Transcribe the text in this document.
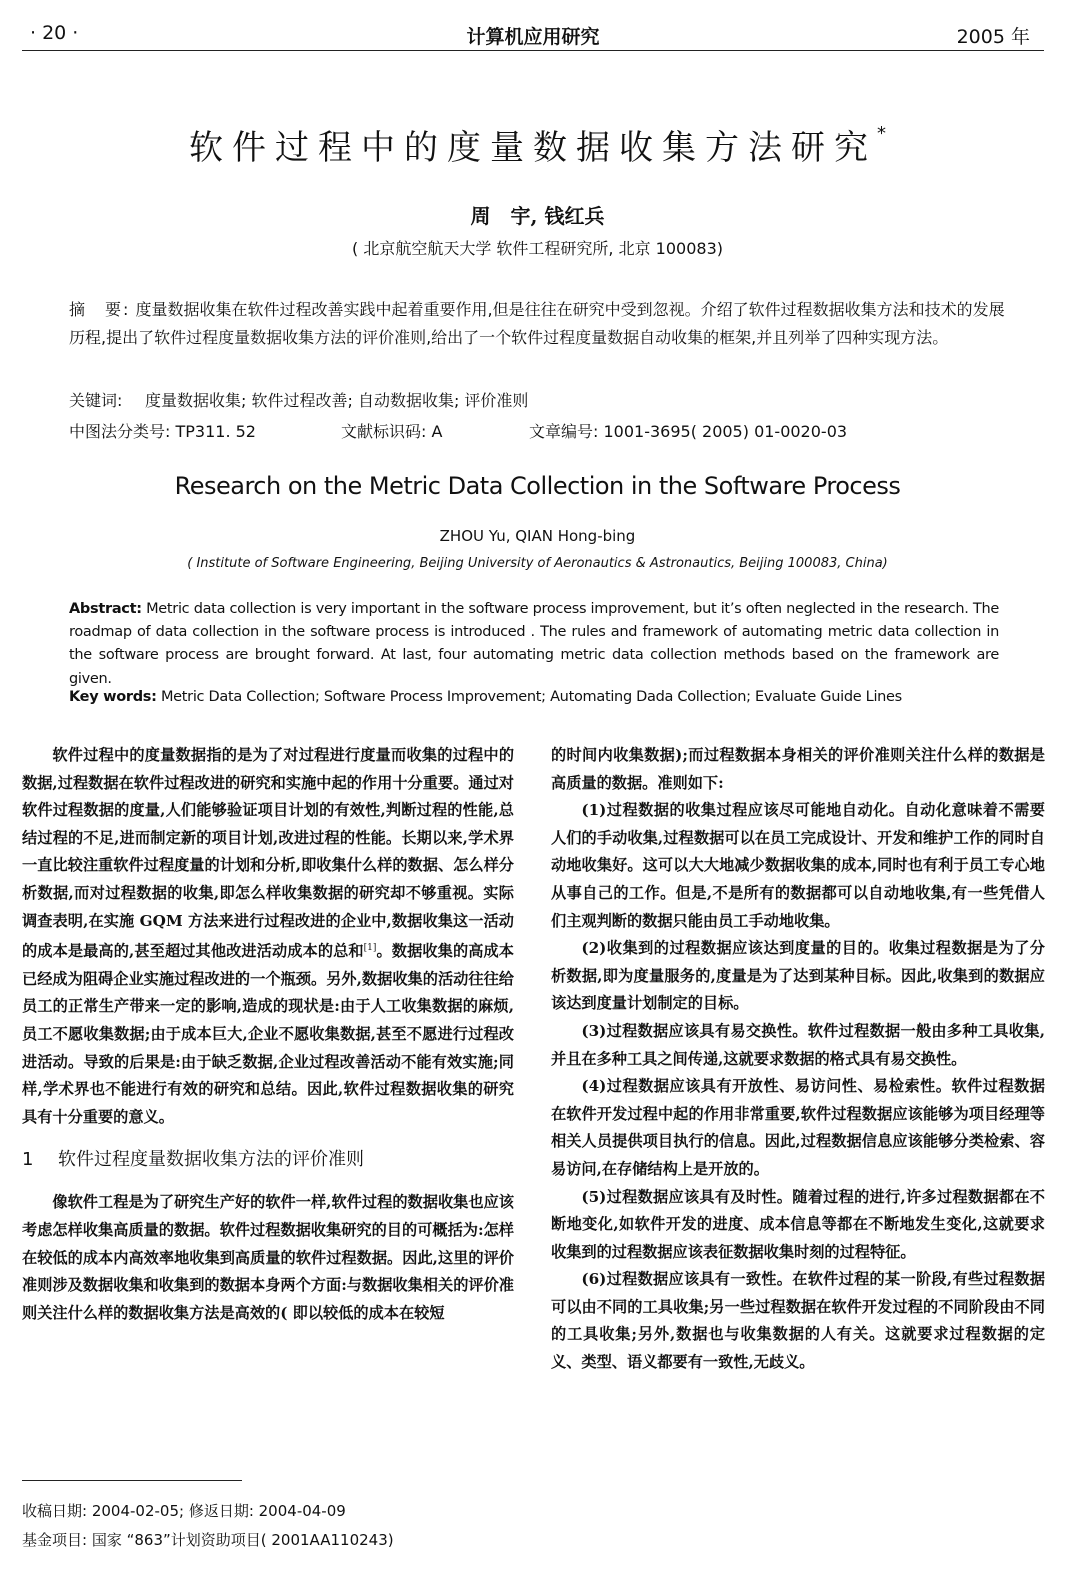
· 20 ·	计算机应用研究	2005 年
软件过程中的度量数据收集方法研究*
周　宇, 钱红兵
( 北京航空航天大学 软件工程研究所, 北京 100083)
摘　要: 度量数据收集在软件过程改善实践中起着重要作用,但是往往在研究中受到忽视。介绍了软件过程数据收集方法和技术的发展历程,提出了软件过程度量数据收集方法的评价准则,给出了一个软件过程度量数据自动收集的框架,并且列举了四种实现方法。
关键词: 度量数据收集; 软件过程改善; 自动数据收集; 评价准则
中图法分类号: TP311. 52	文献标识码: A	文章编号: 1001-3695( 2005) 01-0020-03
Research on the Metric Data Collection in the Software Process
ZHOU Yu, QIAN Hong-bing
( Institute of Software Engineering, Beijing University of Aeronautics & Astronautics, Beijing 100083, China)
Abstract: Metric data collection is very important in the software process improvement, but it’s often neglected in the research. The roadmap of data collection in the software process is introduced . The rules and framework of automating metric data collection in the software process are brought forward. At last, four automating metric data collection methods based on the framework are given.
Key words: Metric Data Collection; Software Process Improvement; Automating Dada Collection; Evaluate Guide Lines

软件过程中的度量数据指的是为了对过程进行度量而收集的过程中的数据,过程数据在软件过程改进的研究和实施中起的作用十分重要。通过对软件过程数据的度量,人们能够验证项目计划的有效性,判断过程的性能,总结过程的不足,进而制定新的项目计划,改进过程的性能。长期以来,学术界一直比较注重软件过程度量的计划和分析,即收集什么样的数据、怎么样分析数据,而对过程数据的收集,即怎么样收集数据的研究却不够重视。实际调查表明,在实施 GQM 方法来进行过程改进的企业中,数据收集这一活动的成本是最高的,甚至超过其他改进活动成本的总和[1]。数据收集的高成本已经成为阻碍企业实施过程改进的一个瓶颈。另外,数据收集的活动往往给员工的正常生产带来一定的影响,造成的现状是:由于人工收集数据的麻烦,员工不愿收集数据;由于成本巨大,企业不愿收集数据,甚至不愿进行过程改进活动。导致的后果是:由于缺乏数据,企业过程改善活动不能有效实施;同样,学术界也不能进行有效的研究和总结。因此,软件过程数据收集的研究具有十分重要的意义。

1 软件过程度量数据收集方法的评价准则

像软件工程是为了研究生产好的软件一样,软件过程的数据收集也应该考虑怎样收集高质量的数据。软件过程数据收集研究的目的可概括为:怎样在较低的成本内高效率地收集到高质量的软件过程数据。因此,这里的评价准则涉及数据收集和收集到的数据本身两个方面:与数据收集相关的评价准则关注什么样的数据收集方法是高效的( 即以较低的成本在较短

的时间内收集数据);而过程数据本身相关的评价准则关注什么样的数据是高质量的数据。准则如下:

(1)过程数据的收集过程应该尽可能地自动化。自动化意味着不需要人们的手动收集,过程数据可以在员工完成设计、开发和维护工作的同时自动地收集好。这可以大大地减少数据收集的成本,同时也有利于员工专心地从事自己的工作。但是,不是所有的数据都可以自动地收集,有一些凭借人们主观判断的数据只能由员工手动地收集。

(2)收集到的过程数据应该达到度量的目的。收集过程数据是为了分析数据,即为度量服务的,度量是为了达到某种目标。因此,收集到的数据应该达到度量计划制定的目标。

(3)过程数据应该具有易交换性。软件过程数据一般由多种工具收集,并且在多种工具之间传递,这就要求数据的格式具有易交换性。

(4)过程数据应该具有开放性、易访问性、易检索性。软件过程数据在软件开发过程中起的作用非常重要,软件过程数据应该能够为项目经理等相关人员提供项目执行的信息。因此,过程数据信息应该能够分类检索、容易访问,在存储结构上是开放的。

(5)过程数据应该具有及时性。随着过程的进行,许多过程数据都在不断地变化,如软件开发的进度、成本信息等都在不断地发生变化,这就要求收集到的过程数据应该表征数据收集时刻的过程特征。

(6)过程数据应该具有一致性。在软件过程的某一阶段,有些过程数据可以由不同的工具收集;另一些过程数据在软件开发过程的不同阶段由不同的工具收集;另外,数据也与收集数据的人有关。这就要求过程数据的定义、类型、语义都要有一致性,无歧义。

收稿日期: 2004-02-05; 修返日期: 2004-04-09
基金项目: 国家 “863”计划资助项目( 2001AA110243)
